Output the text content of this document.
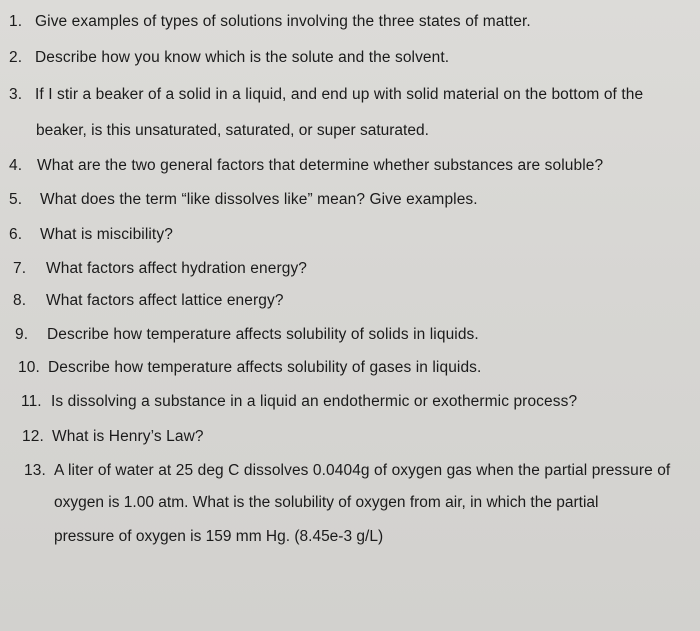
1. Give examples of types of solutions involving the three states of matter.
2. Describe how you know which is the solute and the solvent.
3. If I stir a beaker of a solid in a liquid, and end up with solid material on the bottom of the
beaker, is this unsaturated, saturated, or super saturated.
4. What are the two general factors that determine whether substances are soluble?
5. What does the term “like dissolves like” mean? Give examples.
6. What is miscibility?
7. What factors affect hydration energy?
8. What factors affect lattice energy?
9. Describe how temperature affects solubility of solids in liquids.
10. Describe how temperature affects solubility of gases in liquids.
11. Is dissolving a substance in a liquid an endothermic or exothermic process?
12. What is Henry’s Law?
13. A liter of water at 25 deg C dissolves 0.0404g of oxygen gas when the partial pressure of
oxygen is 1.00 atm. What is the solubility of oxygen from air, in which the partial
pressure of oxygen is 159 mm Hg. (8.45e-3 g/L)
